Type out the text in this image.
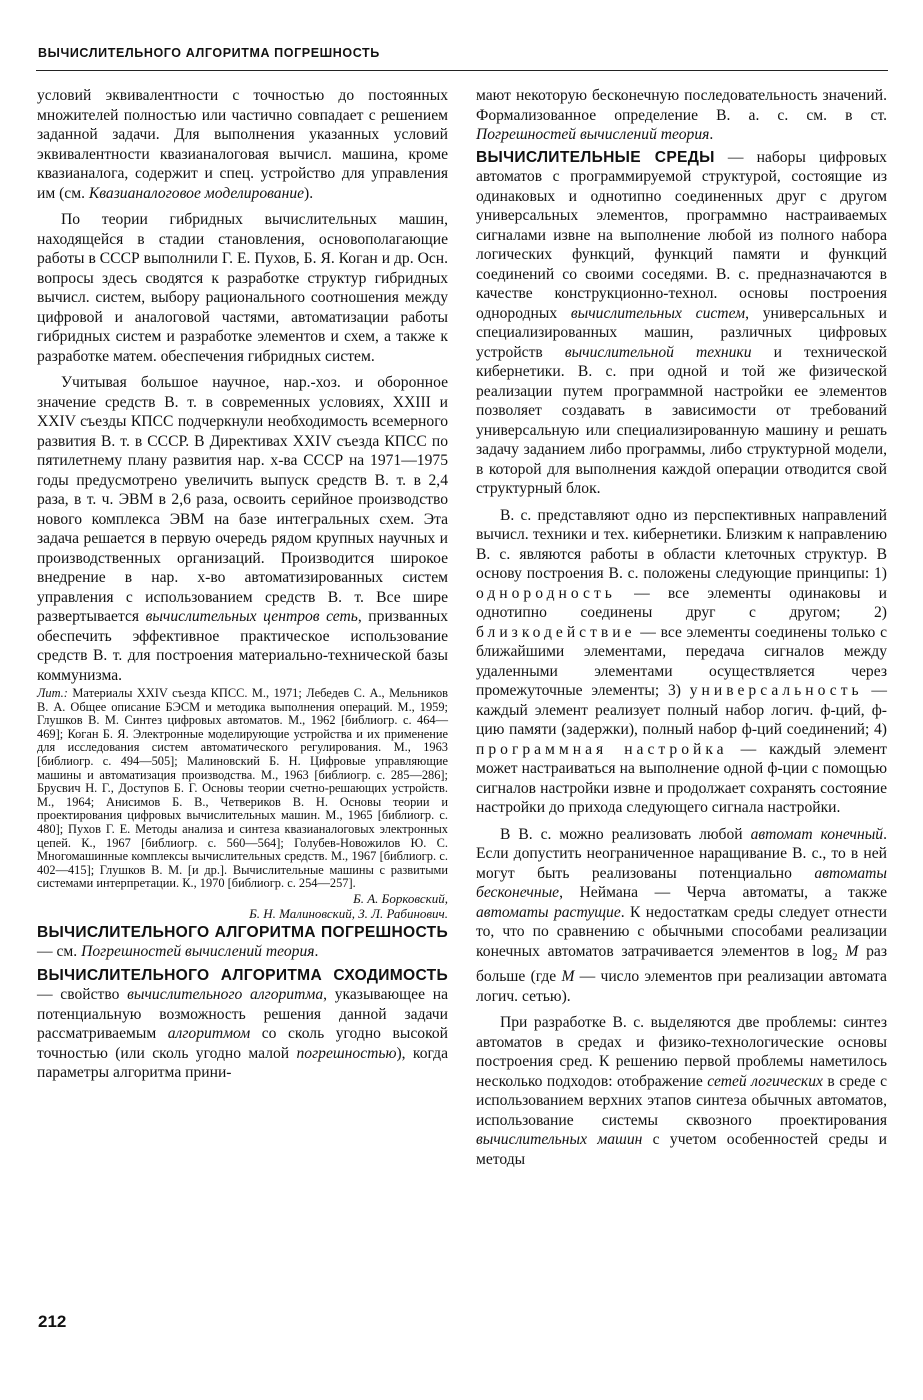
ВЫЧИСЛИТЕЛЬНОГО АЛГОРИТМА ПОГРЕШНОСТЬ

условий эквивалентности с точностью до постоянных множителей полностью или частично совпадает с решением заданной задачи. Для выполнения указанных условий эквивалентности квазианалоговая вычисл. машина, кроме квазианалога, содержит и спец. устройство для управления им (см. Квазианалоговое моделирование).

По теории гибридных вычислительных машин, находящейся в стадии становления, основополагающие работы в СССР выполнили Г. Е. Пухов, Б. Я. Коган и др. Осн. вопросы здесь сводятся к разработке структур гибридных вычисл. систем, выбору рационального соотношения между цифровой и аналоговой частями, автоматизации работы гибридных систем и разработке элементов и схем, а также к разработке матем. обеспечения гибридных систем.

Учитывая большое научное, нар.-хоз. и оборонное значение средств В. т. в современных условиях, XXIII и XXIV съезды КПСС подчеркнули необходимость всемерного развития В. т. в СССР. В Директивах XXIV съезда КПСС по пятилетнему плану развития нар. х-ва СССР на 1971—1975 годы предусмотрено увеличить выпуск средств В. т. в 2,4 раза, в т. ч. ЭВМ в 2,6 раза, освоить серийное производство нового комплекса ЭВМ на базе интегральных схем. Эта задача решается в первую очередь рядом крупных научных и производственных организаций. Производится широкое внедрение в нар. х-во автоматизированных систем управления с использованием средств В. т. Все шире развертывается вычислительных центров сеть, призванных обеспечить эффективное практическое использование средств В. т. для построения материально-технической базы коммунизма.

Лит.: Материалы XXIV съезда КПСС. М., 1971; Лебедев С. А., Мельников В. А. Общее описание БЭСМ и методика выполнения операций. М., 1959; Глушков В. М. Синтез цифровых автоматов. М., 1962 [библиогр. с. 464—469]; Коган Б. Я. Электронные моделирующие устройства и их применение для исследования систем автоматического регулирования. М., 1963 [библиогр. с. 494—505]; Малиновский Б. Н. Цифровые управляющие машины и автоматизация производства. М., 1963 [библиогр. с. 285—286]; Брусвич Н. Г., Доступов Б. Г. Основы теории счетно-решающих устройств. М., 1964; Анисимов Б. В., Четвериков В. Н. Основы теории и проектирования цифровых вычислительных машин. М., 1965 [библиогр. с. 480]; Пухов Г. Е. Методы анализа и синтеза квазианалоговых электронных цепей. К., 1967 [библиогр. с. 560—564]; Голубев-Новожилов Ю. С. Многомашинные комплексы вычислительных средств. М., 1967 [библиогр. с. 402—415]; Глушков В. М. [и др.]. Вычислительные машины с развитыми системами интерпретации. К., 1970 [библиогр. с. 254—257].

Б. А. Борковский,
Б. Н. Малиновский, З. Л. Рабинович.

ВЫЧИСЛИТЕЛЬНОГО АЛГОРИТМА ПОГРЕШНОСТЬ — см. Погрешностей вычислений теория.

ВЫЧИСЛИТЕЛЬНОГО АЛГОРИТМА СХОДИМОСТЬ — свойство вычислительного алгоритма, указывающее на потенциальную возможность решения данной задачи рассматриваемым алгоритмом со сколь угодно высокой точностью (или сколь угодно малой погрешностью), когда параметры алгоритма прини-

мают некоторую бесконечную последовательность значений. Формализованное определение В. а. с. см. в ст. Погрешностей вычислений теория.

ВЫЧИСЛИТЕЛЬНЫЕ СРЕДЫ — наборы цифровых автоматов с программируемой структурой, состоящие из одинаковых и однотипно соединенных друг с другом универсальных элементов, программно настраиваемых сигналами извне на выполнение любой из полного набора логических функций, функций памяти и функций соединений со своими соседями. В. с. предназначаются в качестве конструкционно-технол. основы построения однородных вычислительных систем, универсальных и специализированных машин, различных цифровых устройств вычислительной техники и технической кибернетики. В. с. при одной и той же физической реализации путем программной настройки ее элементов позволяет создавать в зависимости от требований универсальную или специализированную машину и решать задачу заданием либо программы, либо структурной модели, в которой для выполнения каждой операции отводится свой структурный блок.

В. с. представляют одно из перспективных направлений вычисл. техники и тех. кибернетики. Близким к направлению В. с. являются работы в области клеточных структур. В основу построения В. с. положены следующие принципы: 1) однородность — все элементы одинаковы и однотипно соединены друг с другом; 2) близкодействие — все элементы соединены только с ближайшими элементами, передача сигналов между удаленными элементами осуществляется через промежуточные элементы; 3) универсальность — каждый элемент реализует полный набор логич. ф-ций, ф-цию памяти (задержки), полный набор ф-ций соединений; 4) программная настройка — каждый элемент может настраиваться на выполнение одной ф-ции с помощью сигналов настройки извне и продолжает сохранять состояние настройки до прихода следующего сигнала настройки.

В В. с. можно реализовать любой автомат конечный. Если допустить неограниченное наращивание В. с., то в ней могут быть реализованы потенциально автоматы бесконечные, Неймана — Черча автоматы, а также автоматы растущие. К недостаткам среды следует отнести то, что по сравнению с обычными способами реализации конечных автоматов затрачивается элементов в $\log_2 M$ раз больше (где M — число элементов при реализации автомата логич. сетью).

При разработке В. с. выделяются две проблемы: синтез автоматов в средах и физико-технологические основы построения сред. К решению первой проблемы наметилось несколько подходов: отображение сетей логических в среде с использованием верхних этапов синтеза обычных автоматов, использование системы сквозного проектирования вычислительных машин с учетом особенностей среды и методы

212
